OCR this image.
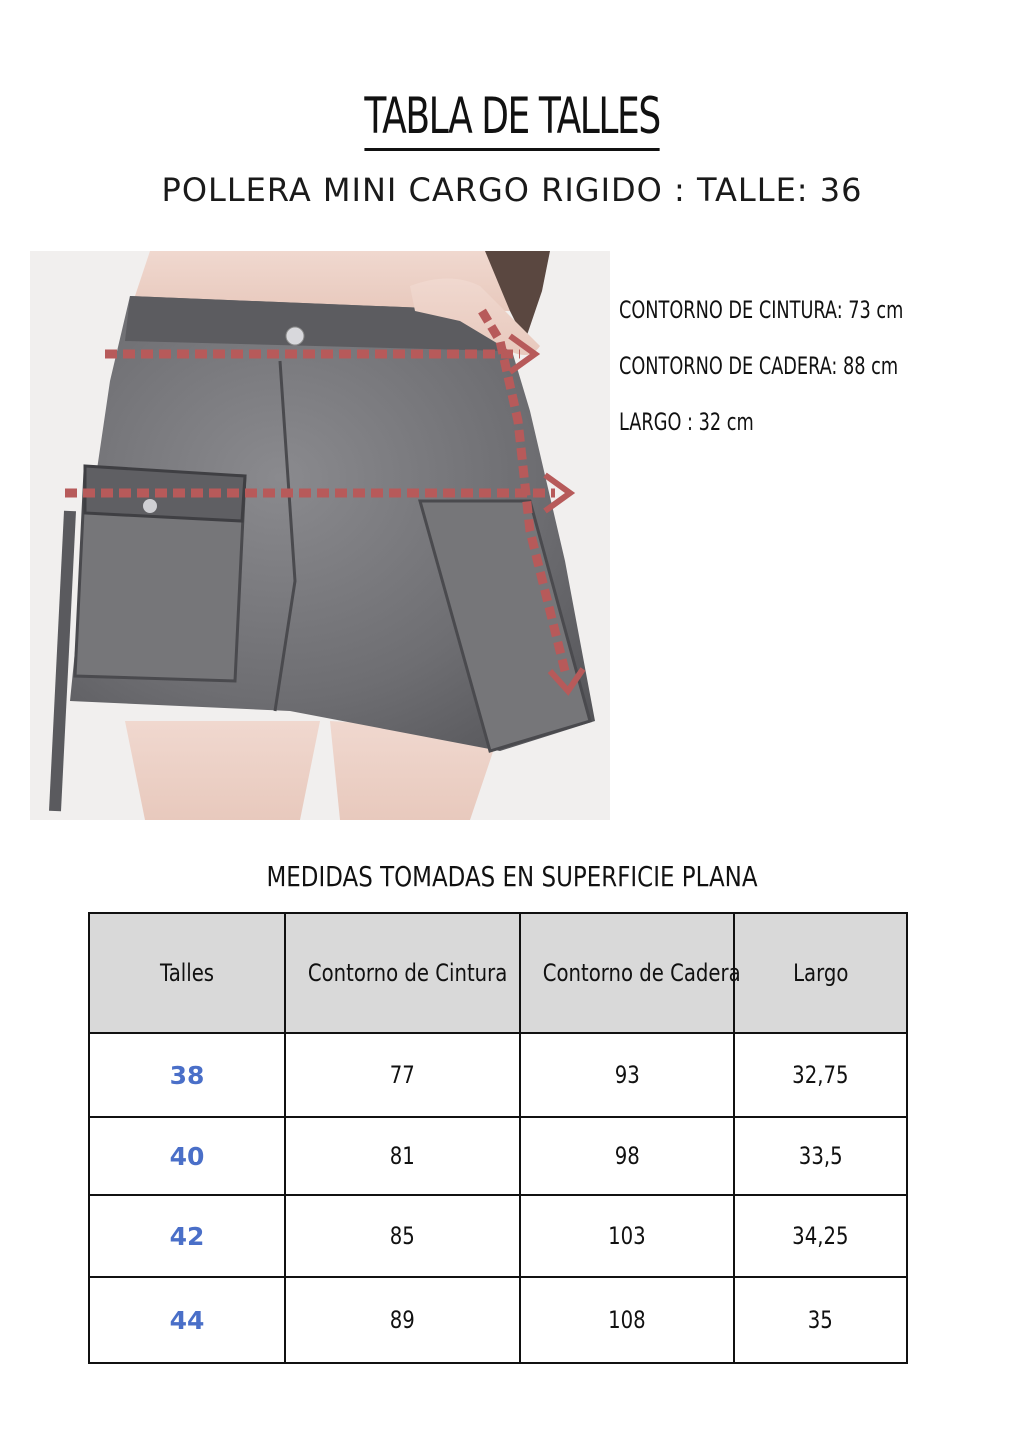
TABLA DE TALLES
POLLERA MINI CARGO RIGIDO : TALLE: 36
CONTORNO DE CINTURA: 73 cm
CONTORNO DE CADERA: 88 cm
LARGO : 32 cm
MEDIDAS TOMADAS EN SUPERFICIE PLANA
Talles	Contorno de Cintura	Contorno de Cadera	Largo
38	77	93	32,75
40	81	98	33,5
42	85	103	34,25
44	89	108	35
